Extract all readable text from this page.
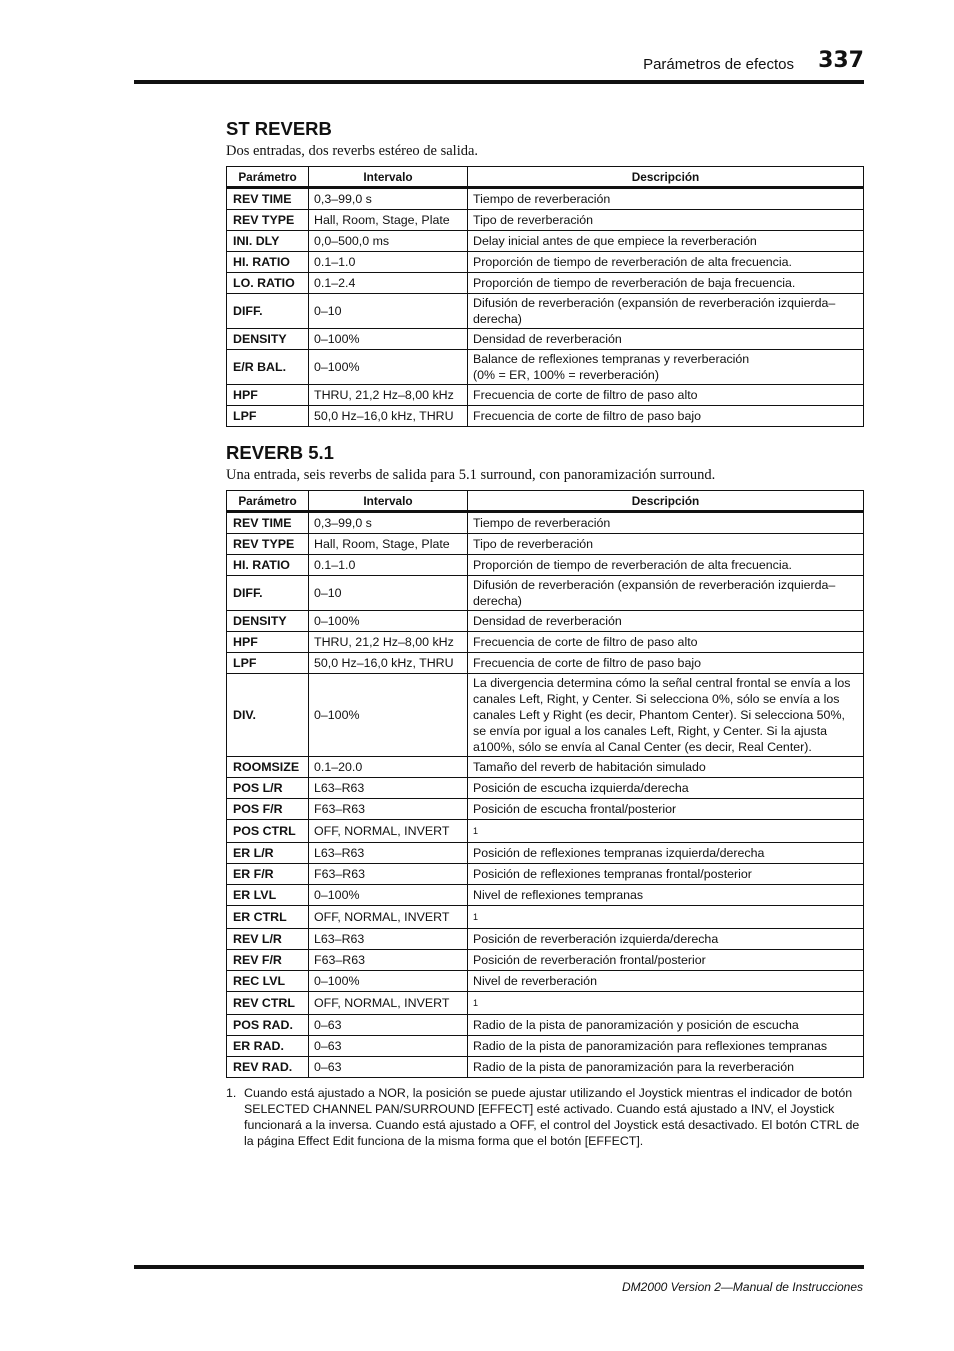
Parámetros de efectos	337
ST REVERB

Dos entradas, dos reverbs estéreo de salida.

Parámetro	Intervalo	Descripción
REV TIME	0,3–99,0 s	Tiempo de reverberación
REV TYPE	Hall, Room, Stage, Plate	Tipo de reverberación
INI. DLY	0,0–500,0 ms	Delay inicial antes de que empiece la reverberación
HI. RATIO	0.1–1.0	Proporción de tiempo de reverberación de alta frecuencia.
LO. RATIO	0.1–2.4	Proporción de tiempo de reverberación de baja frecuencia.
DIFF.	0–10	Difusión de reverberación (expansión de reverberación izquierda–derecha)
DENSITY	0–100%	Densidad de reverberación
E/R BAL.	0–100%	Balance de reflexiones tempranas y reverberación
(0% = ER, 100% = reverberación)
HPF	THRU, 21,2 Hz–8,00 kHz	Frecuencia de corte de filtro de paso alto
LPF	50,0 Hz–16,0 kHz, THRU	Frecuencia de corte de filtro de paso bajo
REVERB 5.1

Una entrada, seis reverbs de salida para 5.1 surround, con panoramización surround.

Parámetro	Intervalo	Descripción
REV TIME	0,3–99,0 s	Tiempo de reverberación
REV TYPE	Hall, Room, Stage, Plate	Tipo de reverberación
HI. RATIO	0.1–1.0	Proporción de tiempo de reverberación de alta frecuencia.
DIFF.	0–10	Difusión de reverberación (expansión de reverberación izquierda–derecha)
DENSITY	0–100%	Densidad de reverberación
HPF	THRU, 21,2 Hz–8,00 kHz	Frecuencia de corte de filtro de paso alto
LPF	50,0 Hz–16,0 kHz, THRU	Frecuencia de corte de filtro de paso bajo
DIV.	0–100%	La divergencia determina cómo la señal central frontal se envía a los canales Left, Right, y Center. Si selecciona 0%, sólo se envía a los canales Left y Right (es decir, Phantom Center). Si selecciona 50%, se envía por igual a los canales Left, Right, y Center. Si la ajusta a100%, sólo se envía al Canal Center (es decir, Real Center).
ROOMSIZE	0.1–20.0	Tamaño del reverb de habitación simulado
POS L/R	L63–R63	Posición de escucha izquierda/derecha
POS F/R	F63–R63	Posición de escucha frontal/posterior
POS CTRL	OFF, NORMAL, INVERT	1
ER L/R	L63–R63	Posición de reflexiones tempranas izquierda/derecha
ER F/R	F63–R63	Posición de reflexiones tempranas frontal/posterior
ER LVL	0–100%	Nivel de reflexiones tempranas
ER CTRL	OFF, NORMAL, INVERT	1
REV L/R	L63–R63	Posición de reverberación izquierda/derecha
REV F/R	F63–R63	Posición de reverberación frontal/posterior
REC LVL	0–100%	Nivel de reverberación
REV CTRL	OFF, NORMAL, INVERT	1
POS RAD.	0–63	Radio de la pista de panoramización y posición de escucha
ER RAD.	0–63	Radio de la pista de panoramización para reflexiones tempranas
REV RAD.	0–63	Radio de la pista de panoramización para la reverberación
1. Cuando está ajustado a NOR, la posición se puede ajustar utilizando el Joystick mientras el indicador de botón SELECTED CHANNEL PAN/SURROUND [EFFECT] esté activado. Cuando está ajustado a INV, el Joystick funcionará a la inversa. Cuando está ajustado a OFF, el control del Joystick está desactivado. El botón CTRL de la página Effect Edit funciona de la misma forma que el botón [EFFECT].
DM2000 Version 2—Manual de Instrucciones
